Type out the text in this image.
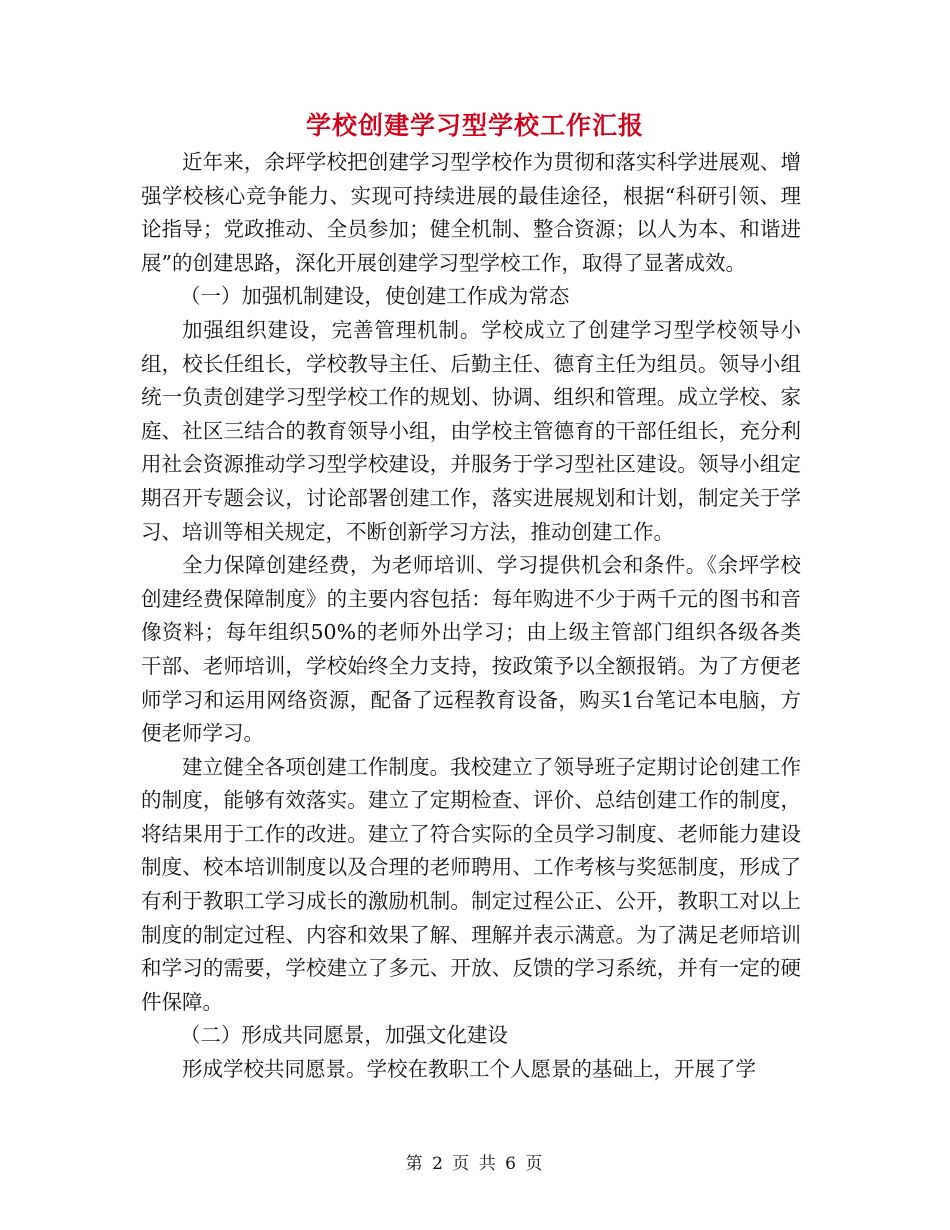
学校创建学习型学校工作汇报

近年来，余坪学校把创建学习型学校作为贯彻和落实科学进展观、增强学校核心竞争能力、实现可持续进展的最佳途径，根据“科研引领、理论指导；党政推动、全员参加；健全机制、整合资源；以人为本、和谐进展”的创建思路，深化开展创建学习型学校工作，取得了显著成效。

（一）加强机制建设，使创建工作成为常态

加强组织建设，完善管理机制。学校成立了创建学习型学校领导小组，校长任组长，学校教导主任、后勤主任、德育主任为组员。领导小组统一负责创建学习型学校工作的规划、协调、组织和管理。成立学校、家庭、社区三结合的教育领导小组，由学校主管德育的干部任组长，充分利用社会资源推动学习型学校建设，并服务于学习型社区建设。领导小组定期召开专题会议，讨论部署创建工作，落实进展规划和计划，制定关于学习、培训等相关规定，不断创新学习方法，推动创建工作。

全力保障创建经费，为老师培训、学习提供机会和条件。《余坪学校创建经费保障制度》的主要内容包括：每年购进不少于两千元的图书和音像资料；每年组织50%的老师外出学习；由上级主管部门组织各级各类干部、老师培训，学校始终全力支持，按政策予以全额报销。为了方便老师学习和运用网络资源，配备了远程教育设备，购买1台笔记本电脑，方便老师学习。

建立健全各项创建工作制度。我校建立了领导班子定期讨论创建工作的制度，能够有效落实。建立了定期检查、评价、总结创建工作的制度，将结果用于工作的改进。建立了符合实际的全员学习制度、老师能力建设制度、校本培训制度以及合理的老师聘用、工作考核与奖惩制度，形成了有利于教职工学习成长的激励机制。制定过程公正、公开，教职工对以上制度的制定过程、内容和效果了解、理解并表示满意。为了满足老师培训和学习的需要，学校建立了多元、开放、反馈的学习系统，并有一定的硬件保障。

（二）形成共同愿景，加强文化建设

形成学校共同愿景。学校在教职工个人愿景的基础上，开展了学

第 2 页 共 6 页
